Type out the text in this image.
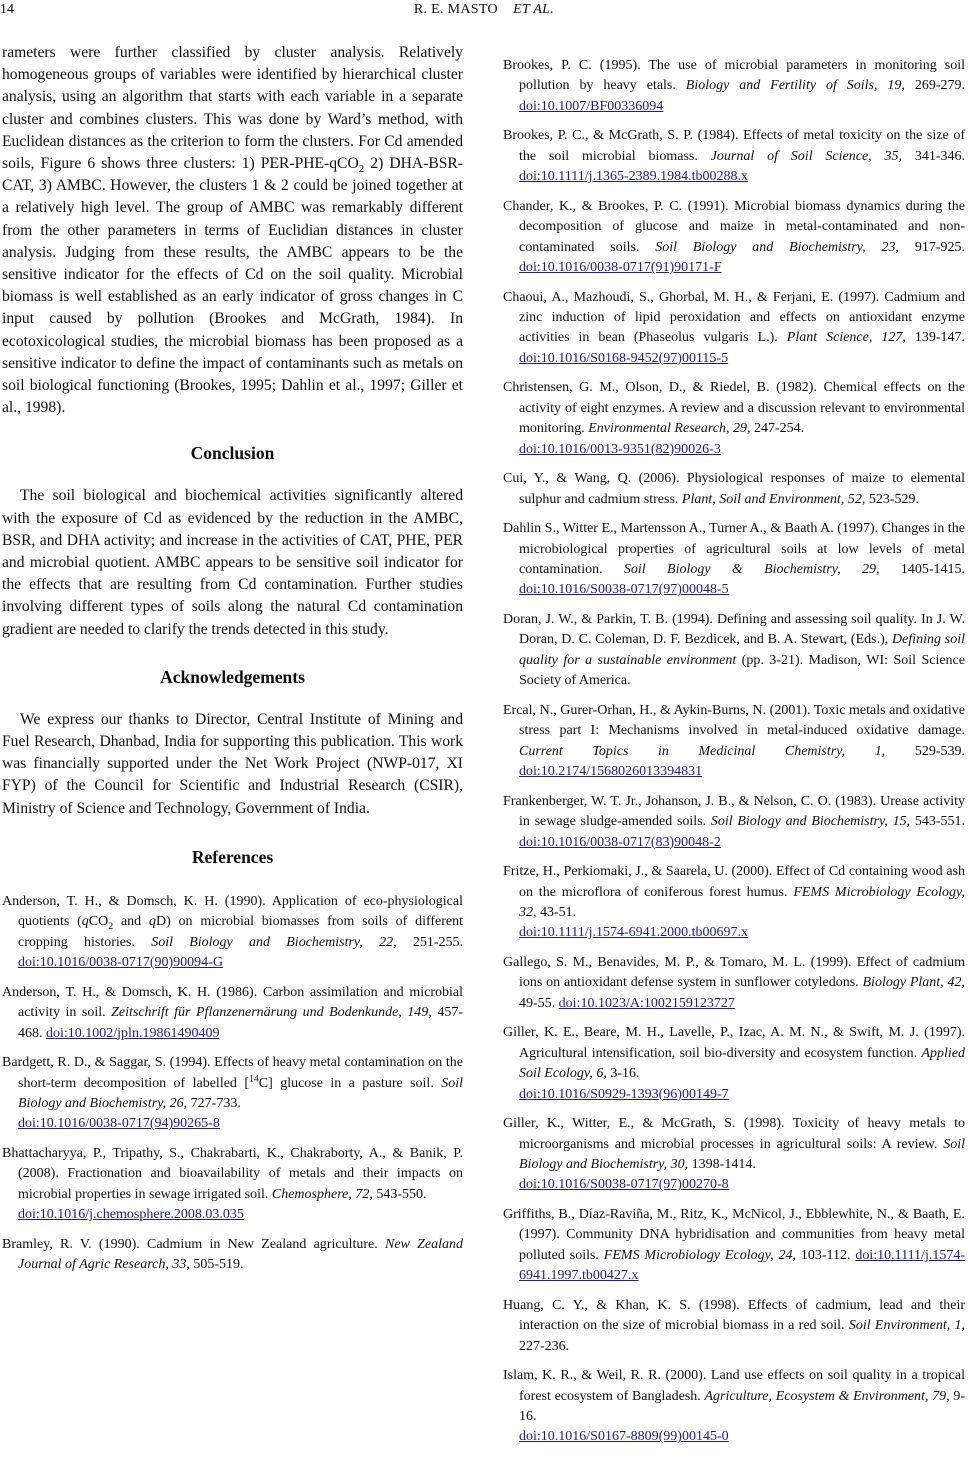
14	R. E. MASTO ET AL.

rameters were further classified by cluster analysis. Relatively homogeneous groups of variables were identified by hierarchical cluster analysis, using an algorithm that starts with each variable in a separate cluster and combines clusters. This was done by Ward’s method, with Euclidean distances as the criterion to form the clusters. For Cd amended soils, Figure 6 shows three clusters: 1) PER-PHE-qCO$_2$ 2) DHA-BSR-CAT, 3) AMBC. However, the clusters 1 & 2 could be joined together at a relatively high level. The group of AMBC was remarkably different from the other parameters in terms of Euclidian distances in cluster analysis. Judging from these results, the AMBC appears to be the sensitive indicator for the effects of Cd on the soil quality. Microbial biomass is well established as an early indicator of gross changes in C input caused by pollution (Brookes and McGrath, 1984). In ecotoxicological studies, the microbial biomass has been proposed as a sensitive indicator to define the impact of contaminants such as metals on soil biological functioning (Brookes, 1995; Dahlin et al., 1997; Giller et al., 1998).

Conclusion

The soil biological and biochemical activities significantly altered with the exposure of Cd as evidenced by the reduction in the AMBC, BSR, and DHA activity; and increase in the activities of CAT, PHE, PER and microbial quotient. AMBC appears to be sensitive soil indicator for the effects that are resulting from Cd contamination. Further studies involving different types of soils along the natural Cd contamination gradient are needed to clarify the trends detected in this study.

Acknowledgements

We express our thanks to Director, Central Institute of Mining and Fuel Research, Dhanbad, India for supporting this publication. This work was financially supported under the Net Work Project (NWP-017, XI FYP) of the Council for Scientific and Industrial Research (CSIR), Ministry of Science and Technology, Government of India.

References

Anderson, T. H., & Domsch, K. H. (1990). Application of eco-physiological quotients (qCO$_2$ and qD) on microbial biomasses from soils of different cropping histories. Soil Biology and Biochemistry, 22, 251-255. doi:10.1016/0038-0717(90)90094-G

Anderson, T. H., & Domsch, K. H. (1986). Carbon assimilation and microbial activity in soil. Zeitschrift für Pflanzenernärung und Bodenkunde, 149, 457-468. doi:10.1002/jpln.19861490409

Bardgett, R. D., & Saggar, S. (1994). Effects of heavy metal contamination on the short-term decomposition of labelled [$^{14}$C] glucose in a pasture soil. Soil Biology and Biochemistry, 26, 727-733.
doi:10.1016/0038-0717(94)90265-8

Bhattacharyya, P., Tripathy, S., Chakrabarti, K., Chakraborty, A., & Banik, P. (2008). Fractionation and bioavailability of metals and their impacts on microbial properties in sewage irrigated soil. Chemosphere, 72, 543-550.
doi:10.1016/j.chemosphere.2008.03.035

Bramley, R. V. (1990). Cadmium in New Zealand agriculture. New Zealand Journal of Agric Research, 33, 505-519.

Brookes, P. C. (1995). The use of microbial parameters in monitoring soil pollution by heavy etals. Biology and Fertility of Soils, 19, 269-279. doi:10.1007/BF00336094

Brookes, P. C., & McGrath, S. P. (1984). Effects of metal toxicity on the size of the soil microbial biomass. Journal of Soil Science, 35, 341-346. doi:10.1111/j.1365-2389.1984.tb00288.x

Chander, K., & Brookes, P. C. (1991). Microbial biomass dynamics during the decomposition of glucose and maize in metal-contaminated and non-contaminated soils. Soil Biology and Biochemistry, 23, 917-925. doi:10.1016/0038-0717(91)90171-F

Chaoui, A., Mazhoudi, S., Ghorbal, M. H., & Ferjani, E. (1997). Cadmium and zinc induction of lipid peroxidation and effects on antioxidant enzyme activities in bean (Phaseolus vulgaris L.). Plant Science, 127, 139-147. doi:10.1016/S0168-9452(97)00115-5

Christensen, G. M., Olson, D., & Riedel, B. (1982). Chemical effects on the activity of eight enzymes. A review and a discussion relevant to environmental monitoring. Environmental Research, 29, 247-254.
doi:10.1016/0013-9351(82)90026-3

Cui, Y., & Wang, Q. (2006). Physiological responses of maize to elemental sulphur and cadmium stress. Plant, Soil and Environment, 52, 523-529.

Dahlin S., Witter E., Martensson A., Turner A., & Baath A. (1997). Changes in the microbiological properties of agricultural soils at low levels of metal contamination. Soil Biology & Biochemistry, 29, 1405-1415. doi:10.1016/S0038-0717(97)00048-5

Doran, J. W., & Parkin, T. B. (1994). Defining and assessing soil quality. In J. W. Doran, D. C. Coleman, D. F. Bezdicek, and B. A. Stewart, (Eds.), Defining soil quality for a sustainable environment (pp. 3-21). Madison, WI: Soil Science Society of America.

Ercal, N., Gurer-Orhan, H., & Aykin-Burns, N. (2001). Toxic metals and oxidative stress part I: Mechanisms involved in metal-induced oxidative damage. Current Topics in Medicinal Chemistry, 1, 529-539. doi:10.2174/1568026013394831

Frankenberger, W. T. Jr., Johanson, J. B., & Nelson, C. O. (1983). Urease activity in sewage sludge-amended soils. Soil Biology and Biochemistry, 15, 543-551. doi:10.1016/0038-0717(83)90048-2

Fritze, H., Perkiomaki, J., & Saarela, U. (2000). Effect of Cd containing wood ash on the microflora of coniferous forest humus. FEMS Microbiology Ecology, 32, 43-51.
doi:10.1111/j.1574-6941.2000.tb00697.x

Gallego, S. M., Benavides, M. P., & Tomaro, M. L. (1999). Effect of cadmium ions on antioxidant defense system in sunflower cotyledons. Biology Plant, 42, 49-55. doi:10.1023/A:1002159123727

Giller, K. E., Beare, M. H., Lavelle, P., Izac, A. M. N., & Swift, M. J. (1997). Agricultural intensification, soil bio-diversity and ecosystem function. Applied Soil Ecology, 6, 3-16.
doi:10.1016/S0929-1393(96)00149-7

Giller, K., Witter, E., & McGrath, S. (1998). Toxicity of heavy metals to microorganisms and microbial processes in agricultural soils: A review. Soil Biology and Biochemistry, 30, 1398-1414.
doi:10.1016/S0038-0717(97)00270-8

Griffiths, B., Díaz-Raviña, M., Ritz, K., McNicol, J., Ebblewhite, N., & Baath, E. (1997). Community DNA hybridisation and communities from heavy metal polluted soils. FEMS Microbiology Ecology, 24, 103-112. doi:10.1111/j.1574-6941.1997.tb00427.x

Huang, C. Y., & Khan, K. S. (1998). Effects of cadmium, lead and their interaction on the size of microbial biomass in a red soil. Soil Environment, 1, 227-236.

Islam, K. R., & Weil, R. R. (2000). Land use effects on soil quality in a tropical forest ecosystem of Bangladesh. Agriculture, Ecosystem & Environment, 79, 9-16.
doi:10.1016/S0167-8809(99)00145-0
